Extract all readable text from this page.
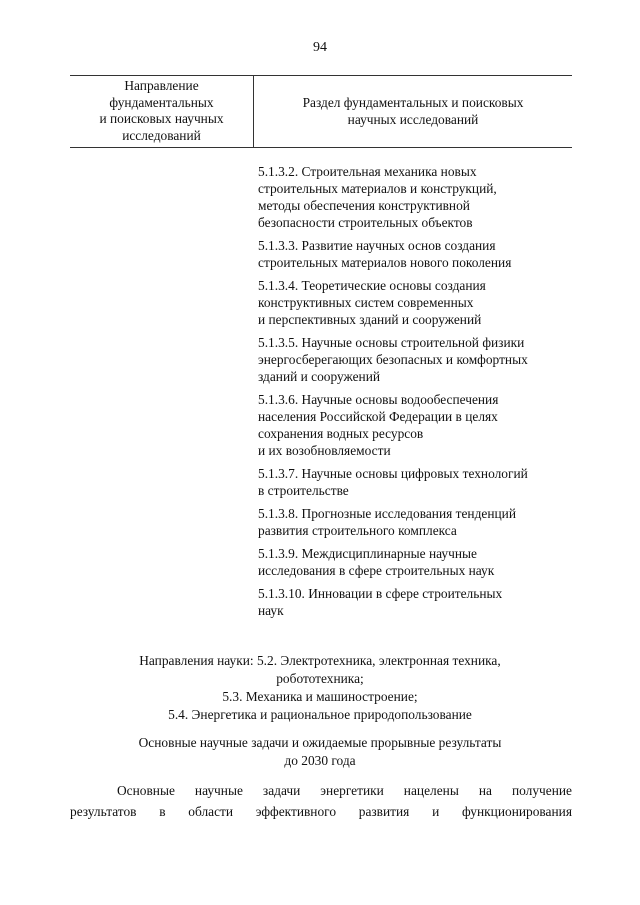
94
Направление
фундаментальных
и поисковых научных
исследований
Раздел фундаментальных и поисковых
научных исследований
5.1.3.2. Строительная механика новых
строительных материалов и конструкций,
методы обеспечения конструктивной
безопасности строительных объектов
5.1.3.3. Развитие научных основ создания
строительных материалов нового поколения
5.1.3.4. Теоретические основы создания
конструктивных систем современных
и перспективных зданий и сооружений
5.1.3.5. Научные основы строительной физики
энергосберегающих безопасных и комфортных
зданий и сооружений
5.1.3.6. Научные основы водообеспечения
населения Российской Федерации в целях
сохранения водных ресурсов
и их возобновляемости
5.1.3.7. Научные основы цифровых технологий
в строительстве
5.1.3.8. Прогнозные исследования тенденций
развития строительного комплекса
5.1.3.9. Междисциплинарные научные
исследования в сфере строительных наук
5.1.3.10. Инновации в сфере строительных
наук
Направления науки: 5.2. Электротехника, электронная техника,
робототехника;
5.3. Механика и машиностроение;
5.4. Энергетика и рациональное природопользование
Основные научные задачи и ожидаемые прорывные результаты
до 2030 года
Основные научные задачи энергетики нацелены на получение
результатов в области эффективного развития и функционирования
